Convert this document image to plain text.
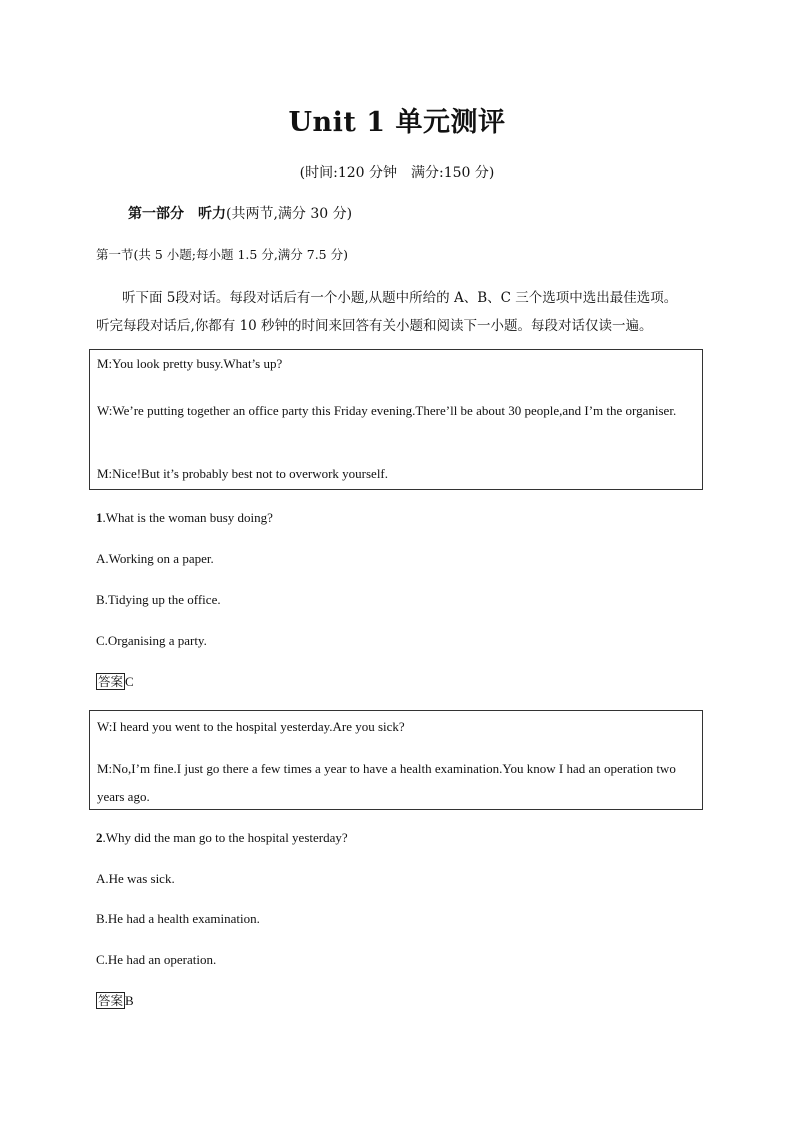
Unit 1 单元测评
(时间:120 分钟　满分:150 分)
第一部分　听力(共两节,满分 30 分)
第一节(共 5 小题;每小题 1.5 分,满分 7.5 分)

听下面 5段对话。每段对话后有一个小题,从题中所给的 A、B、C 三个选项中选出最佳选项。

听完每段对话后,你都有 10 秒钟的时间来回答有关小题和阅读下一小题。每段对话仅读一遍。

M:You look pretty busy.What’s up?

W:We’re putting together an office party this Friday evening.There’ll be about 30 people,and I’m the organiser.

M:Nice!But it’s probably best not to overwork yourself.

1.What is the woman busy doing?
A.Working on a paper.
B.Tidying up the office.
C.Organising a party.
答案 C

W:I heard you went to the hospital yesterday.Are you sick?

M:No,I’m fine.I just go there a few times a year to have a health examination.You know I had an operation two years ago.

2.Why did the man go to the hospital yesterday?
A.He was sick.
B.He had a health examination.
C.He had an operation.
答案 B
